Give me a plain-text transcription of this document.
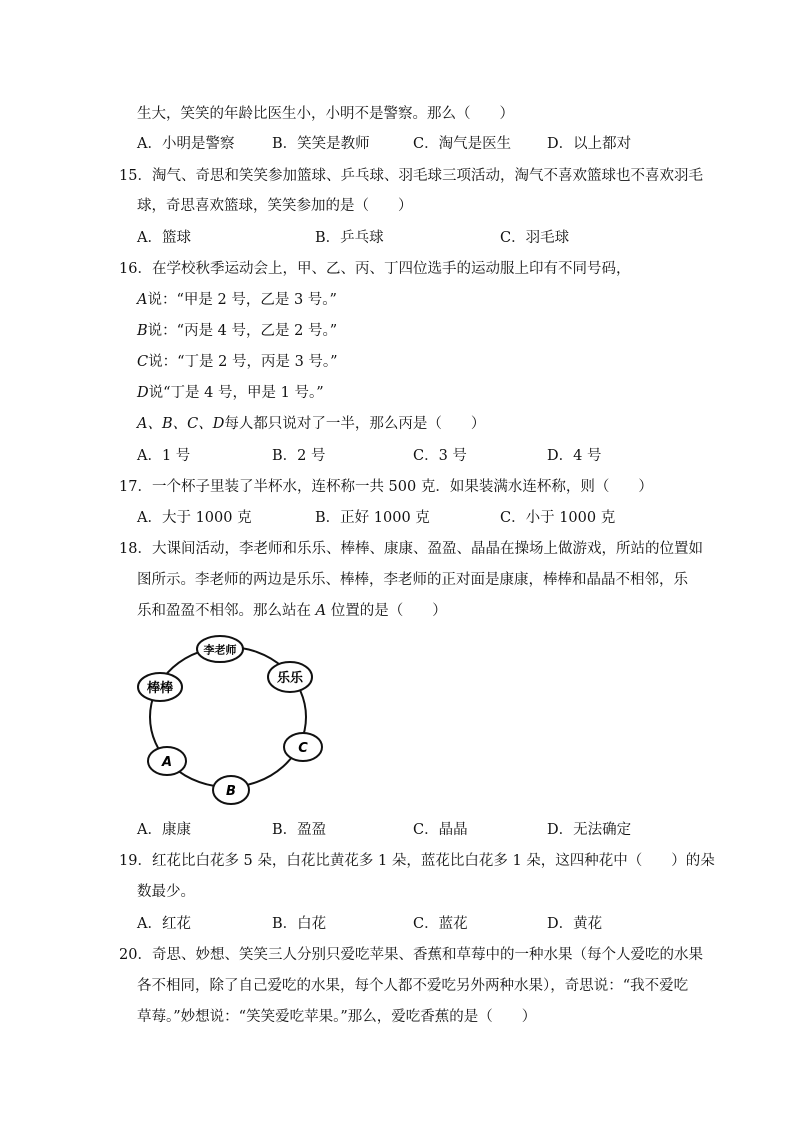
生大，笑笑的年龄比医生小，小明不是警察。那么（　　）
A．小明是警察	B．笑笑是教师	C．淘气是医生 D．以上都对
15．淘气、奇思和笑笑参加篮球、乒乓球、羽毛球三项活动，淘气不喜欢篮球也不喜欢羽毛
球，奇思喜欢篮球，笑笑参加的是（　　）
A．篮球	B．乒乓球	C．羽毛球
16．在学校秋季运动会上，甲、乙、丙、丁四位选手的运动服上印有不同号码，
A说：“甲是 2 号，乙是 3 号。”
B说：“丙是 4 号，乙是 2 号。”
C说：“丁是 2 号，丙是 3 号。”
D说“丁是 4 号，甲是 1 号。”
A、B、C、D每人都只说对了一半，那么丙是（　　）
A．1 号	B．2 号	C．3 号	D．4 号
17．一个杯子里装了半杯水，连杯称一共 500 克．如果装满水连杯称，则（　　）
A．大于 1000 克	B．正好 1000 克	C．小于 1000 克
18．大课间活动，李老师和乐乐、棒棒、康康、盈盈、晶晶在操场上做游戏，所站的位置如
图所示。李老师的两边是乐乐、棒棒，李老师的正对面是康康，棒棒和晶晶不相邻，乐
乐和盈盈不相邻。那么站在 A 位置的是（　　）
李老师
棒棒
乐乐
C
A
B
A．康康	B．盈盈	C．晶晶	D．无法确定
19．红花比白花多 5 朵，白花比黄花多 1 朵，蓝花比白花多 1 朵，这四种花中（　　）的朵
数最少。
A．红花	B．白花	C．蓝花	D．黄花
20．奇思、妙想、笑笑三人分别只爱吃苹果、香蕉和草莓中的一种水果（每个人爱吃的水果
各不相同，除了自己爱吃的水果，每个人都不爱吃另外两种水果），奇思说：“我不爱吃
草莓。”妙想说：“笑笑爱吃苹果。”那么，爱吃香蕉的是（　　）
